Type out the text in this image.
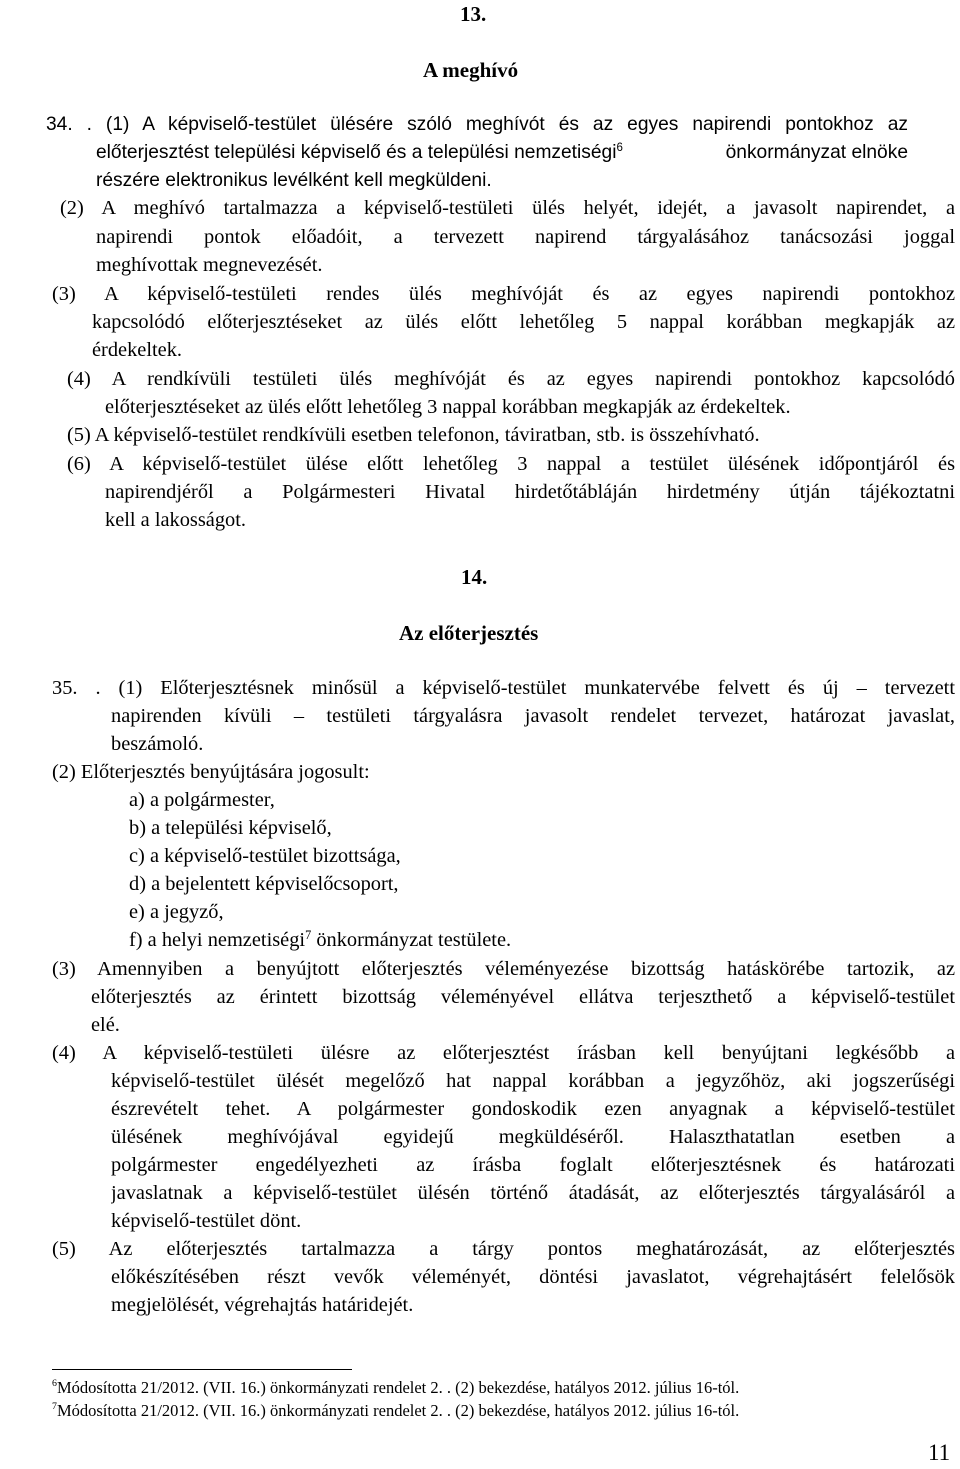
13.
A meghívó
34. . (1) A képviselő-testület ülésére szóló meghívót és az egyes napirendi pontokhoz az
előterjesztést települési képviselő és a települési nemzetiségi$^6$	önkormányzat elnöke
részére elektronikus levélként kell megküldeni.
(2) A meghívó tartalmazza a képviselő-testületi ülés helyét, idejét, a javasolt napirendet, a
napirendi pontok előadóit, a tervezett napirend tárgyalásához tanácsozási joggal
meghívottak megnevezését.
(3) A képviselő-testületi rendes ülés meghívóját és az egyes napirendi pontokhoz
kapcsolódó előterjesztéseket az ülés előtt lehetőleg 5 nappal korábban megkapják az
érdekeltek.
(4) A rendkívüli testületi ülés meghívóját és az egyes napirendi pontokhoz kapcsolódó
előterjesztéseket az ülés előtt lehetőleg 3 nappal korábban megkapják az érdekeltek.
(5) A képviselő-testület rendkívüli esetben telefonon, táviratban, stb. is összehívható.
(6) A képviselő-testület ülése előtt lehetőleg 3 nappal a testület ülésének időpontjáról és
napirendjéről a Polgármesteri Hivatal hirdetőtábláján hirdetmény útján tájékoztatni
kell a lakosságot.
14.
Az előterjesztés
35. . (1) Előterjesztésnek minősül a képviselő-testület munkatervébe felvett és új – tervezett
napirenden kívüli – testületi tárgyalásra javasolt rendelet tervezet, határozat javaslat,
beszámoló.
(2) Előterjesztés benyújtására jogosult:
a) a polgármester,
b) a települési képviselő,
c) a képviselő-testület bizottsága,
d) a bejelentett képviselőcsoport,
e) a jegyző,
f) a helyi nemzetiségi$^7$ önkormányzat testülete.
(3) Amennyiben a benyújtott előterjesztés véleményezése bizottság hatáskörébe tartozik, az
előterjesztés az érintett bizottság véleményével ellátva terjeszthető a képviselő-testület
elé.
(4) A képviselő-testületi ülésre az előterjesztést írásban kell benyújtani legkésőbb a
képviselő-testület ülését megelőző hat nappal korábban a jegyzőhöz, aki jogszerűségi
észrevételt tehet. A polgármester gondoskodik ezen anyagnak a képviselő-testület
ülésének meghívójával egyidejű megküldéséről. Halaszthatatlan esetben a
polgármester engedélyezheti az írásba foglalt előterjesztésnek és határozati
javaslatnak a képviselő-testület ülésén történő átadását, az előterjesztés tárgyalásáról a
képviselő-testület dönt.
(5) Az előterjesztés tartalmazza a tárgy pontos meghatározását, az előterjesztés
előkészítésében részt vevők véleményét, döntési javaslatot, végrehajtásért felelősök
megjelölését, végrehajtás határidejét.
$^6$Módosította 21/2012. (VII. 16.) önkormányzati rendelet 2. . (2) bekezdése, hatályos 2012. július 16-tól.
$^7$Módosította 21/2012. (VII. 16.) önkormányzati rendelet 2. . (2) bekezdése, hatályos 2012. július 16-tól.
11
